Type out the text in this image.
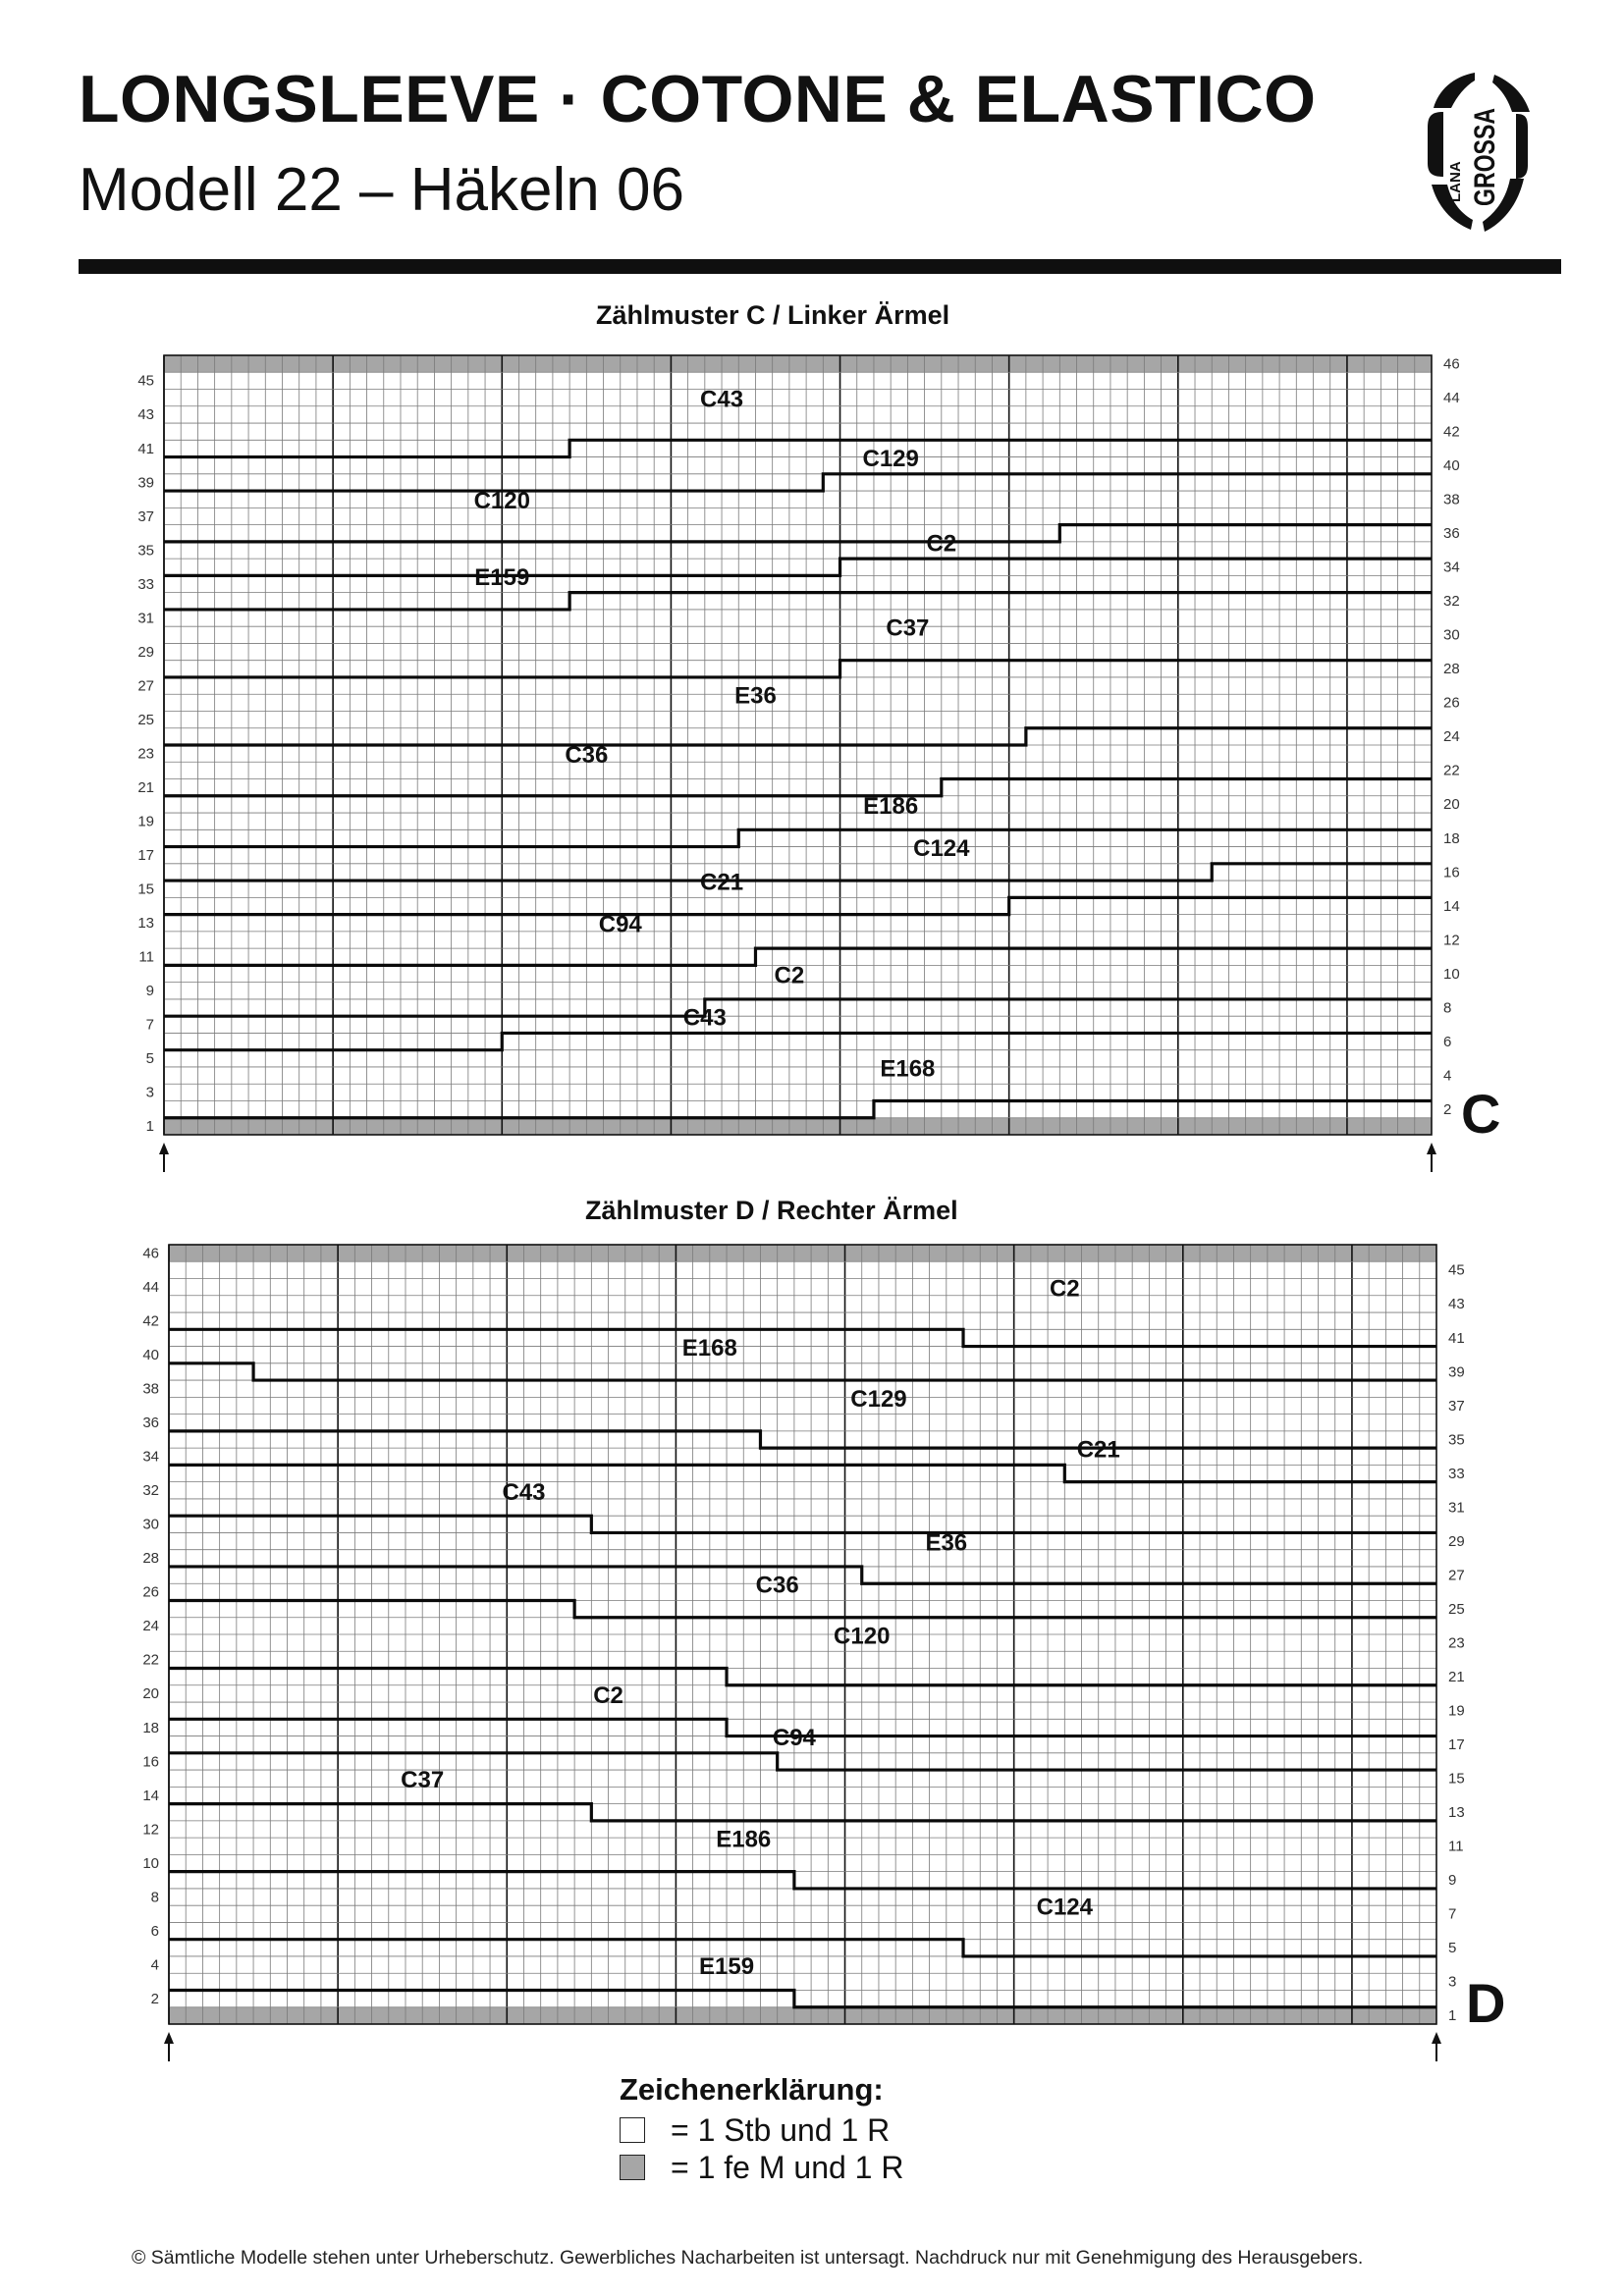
LONGSLEEVE · COTONE & ELASTICO
Modell 22 – Häkeln 06	LANA GROSSA
Zählmuster C / Linker Ärmel
Zählmuster D / Rechter Ärmel
E168
C43
C2
C94
C21
C124
E186
C36
E36
C37
E159
C2
C120
C129
C43
1
2
3
4
5
6
7
8
9
10
11
12
13
14
15
16
17
18
19
20
21
22
23
24
25
26
27
28
29
30
31
32
33
34
35
36
37
38
39
40
41
42
43
44
45
46
C
E159
C124
E186
C37
C94
C2
C120
C36
E36
C43
C21
C129
E168
C2
1
2
3
4
5
6
7
8
9
10
11
12
13
14
15
16
17
18
19
20
21
22
23
24
25
26
27
28
29
30
31
32
33
34
35
36
37
38
39
40
41
42
43
44
45
46
D
Zeichenerklärung:
= 1 Stb und 1 R
= 1 fe M und 1 R
© Sämtliche Modelle stehen unter Urheberschutz. Gewerbliches Nacharbeiten ist untersagt. Nachdruck nur mit Genehmigung des Herausgebers.
